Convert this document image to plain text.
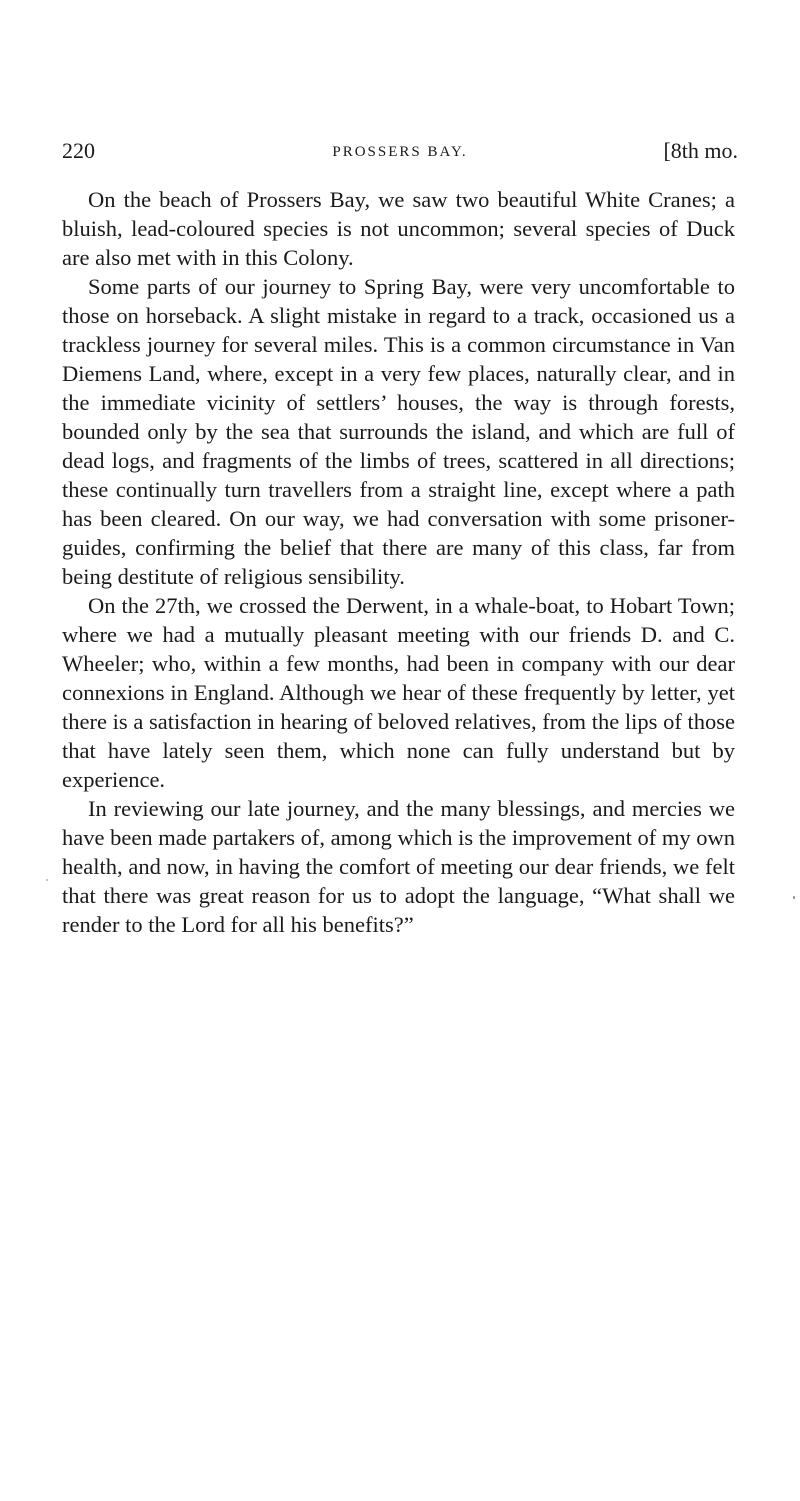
220	PROSSERS BAY.	[8th mo.

On the beach of Prossers Bay, we saw two beautiful White Cranes; a bluish, lead-coloured species is not uncommon; several species of Duck are also met with in this Colony.

Some parts of our journey to Spring Bay, were very uncomfortable to those on horseback. A slight mistake in regard to a track, occasioned us a trackless journey for several miles. This is a common circumstance in Van Diemens Land, where, except in a very few places, naturally clear, and in the immediate vicinity of settlers’ houses, the way is through forests, bounded only by the sea that surrounds the island, and which are full of dead logs, and fragments of the limbs of trees, scattered in all directions; these continually turn travellers from a straight line, except where a path has been cleared. On our way, we had conversation with some prisoner-guides, confirming the belief that there are many of this class, far from being destitute of religious sensibility.

On the 27th, we crossed the Derwent, in a whale-boat, to Hobart Town; where we had a mutually pleasant meeting with our friends D. and C. Wheeler; who, within a few months, had been in company with our dear connexions in England. Although we hear of these frequently by letter, yet there is a satisfaction in hearing of beloved relatives, from the lips of those that have lately seen them, which none can fully understand but by experience.

In reviewing our late journey, and the many blessings, and mercies we have been made partakers of, among which is the improvement of my own health, and now, in having the comfort of meeting our dear friends, we felt that there was great reason for us to adopt the language, “What shall we render to the Lord for all his benefits?”
